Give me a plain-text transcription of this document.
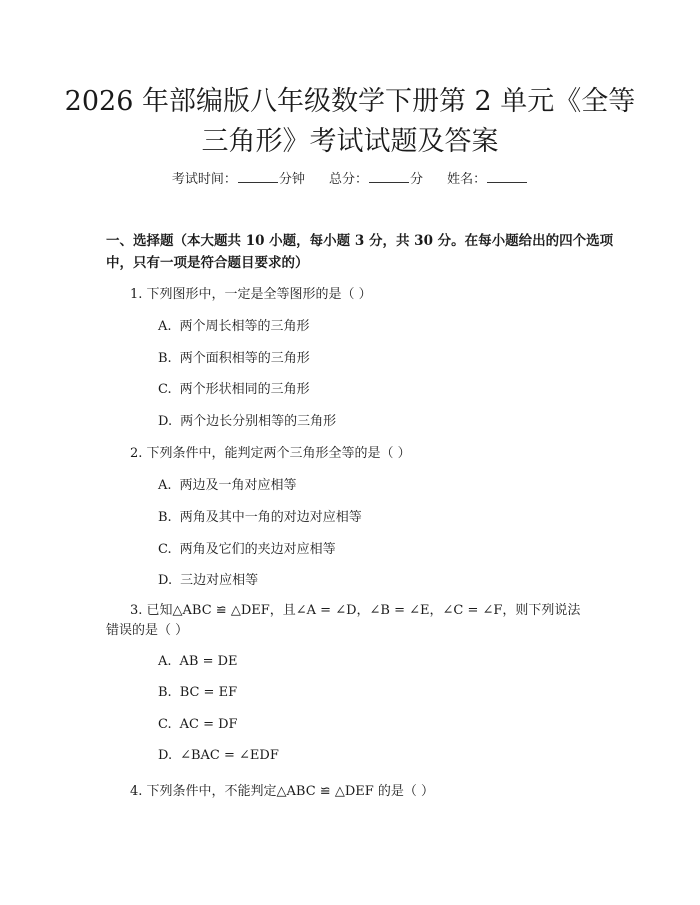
2026 年部编版八年级数学下册第 2 单元《全等三角形》考试试题及答案
考试时间：	分钟 总分：	分 姓名：
一、选择题（本大题共 10 小题，每小题 3 分，共 30 分。在每小题给出的四个选项中，只有一项是符合题目要求的）
1. 下列图形中，一定是全等图形的是（ ）
A. 两个周长相等的三角形
B. 两个面积相等的三角形
C. 两个形状相同的三角形
D. 两个边长分别相等的三角形
2. 下列条件中，能判定两个三角形全等的是（ ）
A. 两边及一角对应相等
B. 两角及其中一角的对边对应相等
C. 两角及它们的夹边对应相等
D. 三边对应相等
3. 已知△ABC ≌ △DEF，且∠A = ∠D，∠B = ∠E，∠C = ∠F，则下列说法错误的是（ ）
A. AB = DE
B. BC = EF
C. AC = DF
D. ∠BAC = ∠EDF
4. 下列条件中，不能判定△ABC ≌ △DEF 的是（ ）
